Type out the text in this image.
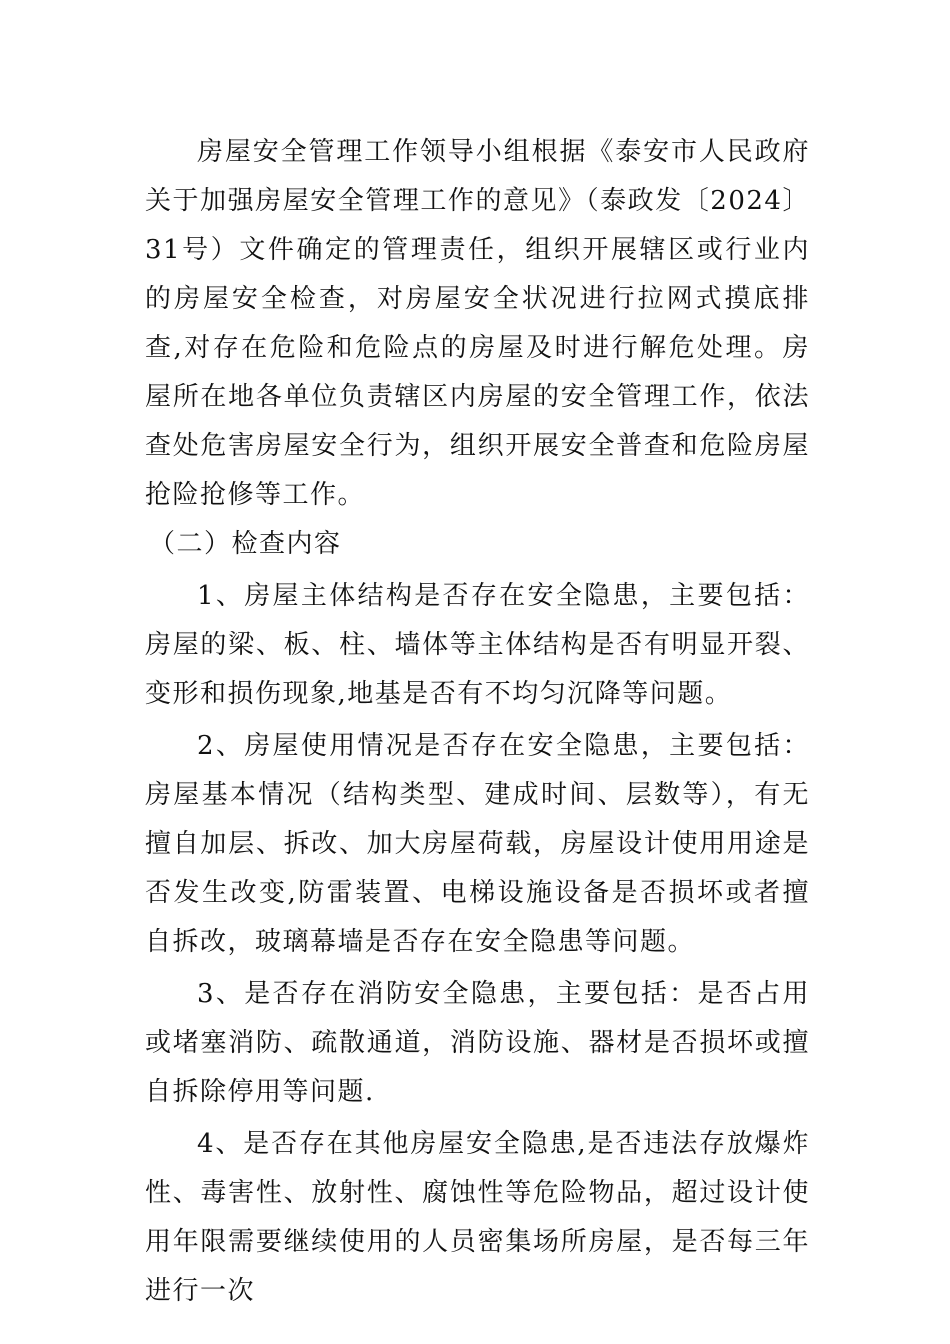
房屋安全管理工作领导小组根据《泰安市人民政府关于加强房屋安全管理工作的意见》（泰政发〔2024〕31号）文件确定的管理责任，组织开展辖区或行业内的房屋安全检查，对房屋安全状况进行拉网式摸底排查,对存在危险和危险点的房屋及时进行解危处理。房屋所在地各单位负责辖区内房屋的安全管理工作，依法查处危害房屋安全行为，组织开展安全普查和危险房屋抢险抢修等工作。

（二）检查内容

1、房屋主体结构是否存在安全隐患，主要包括：房屋的梁、板、柱、墙体等主体结构是否有明显开裂、变形和损伤现象,地基是否有不均匀沉降等问题。

2、房屋使用情况是否存在安全隐患，主要包括：房屋基本情况（结构类型、建成时间、层数等），有无擅自加层、拆改、加大房屋荷载，房屋设计使用用途是否发生改变,防雷装置、电梯设施设备是否损坏或者擅自拆改，玻璃幕墙是否存在安全隐患等问题。

3、是否存在消防安全隐患，主要包括：是否占用或堵塞消防、疏散通道，消防设施、器材是否损坏或擅自拆除停用等问题.

4、是否存在其他房屋安全隐患,是否违法存放爆炸性、毒害性、放射性、腐蚀性等危险物品，超过设计使用年限需要继续使用的人员密集场所房屋，是否每三年进行一次
